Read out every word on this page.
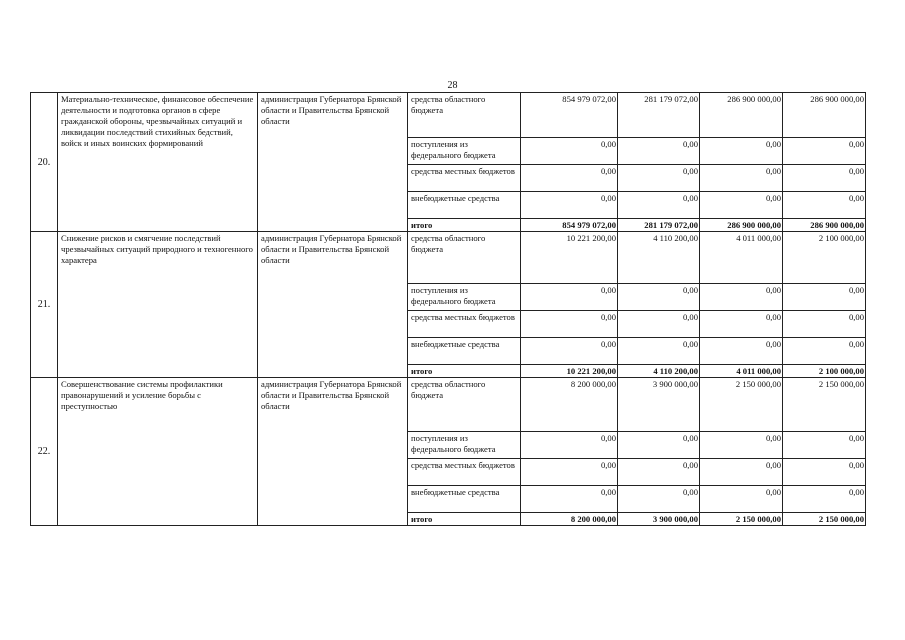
28
20.	Материально-техническое, финансовое обеспечение деятельности и подготовка органов в сфере гражданской обороны, чрезвычайных ситуаций и ликвидации последствий стихийных бедствий, войск и иных воинских формирований	администрация Губернатора Брянской области и Правительства Брянской области	средства областного бюджета	854 979 072,00	281 179 072,00	286 900 000,00	286 900 000,00
			поступления из федерального бюджета	0,00	0,00	0,00	0,00
			средства местных бюджетов	0,00	0,00	0,00	0,00
			внебюджетные средства	0,00	0,00	0,00	0,00
			итого	854 979 072,00	281 179 072,00	286 900 000,00	286 900 000,00
21.	Снижение рисков и смягчение последствий чрезвычайных ситуаций природного и техногенного характера	администрация Губернатора Брянской области и Правительства Брянской области	средства областного бюджета	10 221 200,00	4 110 200,00	4 011 000,00	2 100 000,00
			поступления из федерального бюджета	0,00	0,00	0,00	0,00
			средства местных бюджетов	0,00	0,00	0,00	0,00
			внебюджетные средства	0,00	0,00	0,00	0,00
			итого	10 221 200,00	4 110 200,00	4 011 000,00	2 100 000,00
22.	Совершенствование системы профилактики правонарушений и усиление борьбы с преступностью	администрация Губернатора Брянской области и Правительства Брянской области	средства областного бюджета	8 200 000,00	3 900 000,00	2 150 000,00	2 150 000,00
			поступления из федерального бюджета	0,00	0,00	0,00	0,00
			средства местных бюджетов	0,00	0,00	0,00	0,00
			внебюджетные средства	0,00	0,00	0,00	0,00
			итого	8 200 000,00	3 900 000,00	2 150 000,00	2 150 000,00
